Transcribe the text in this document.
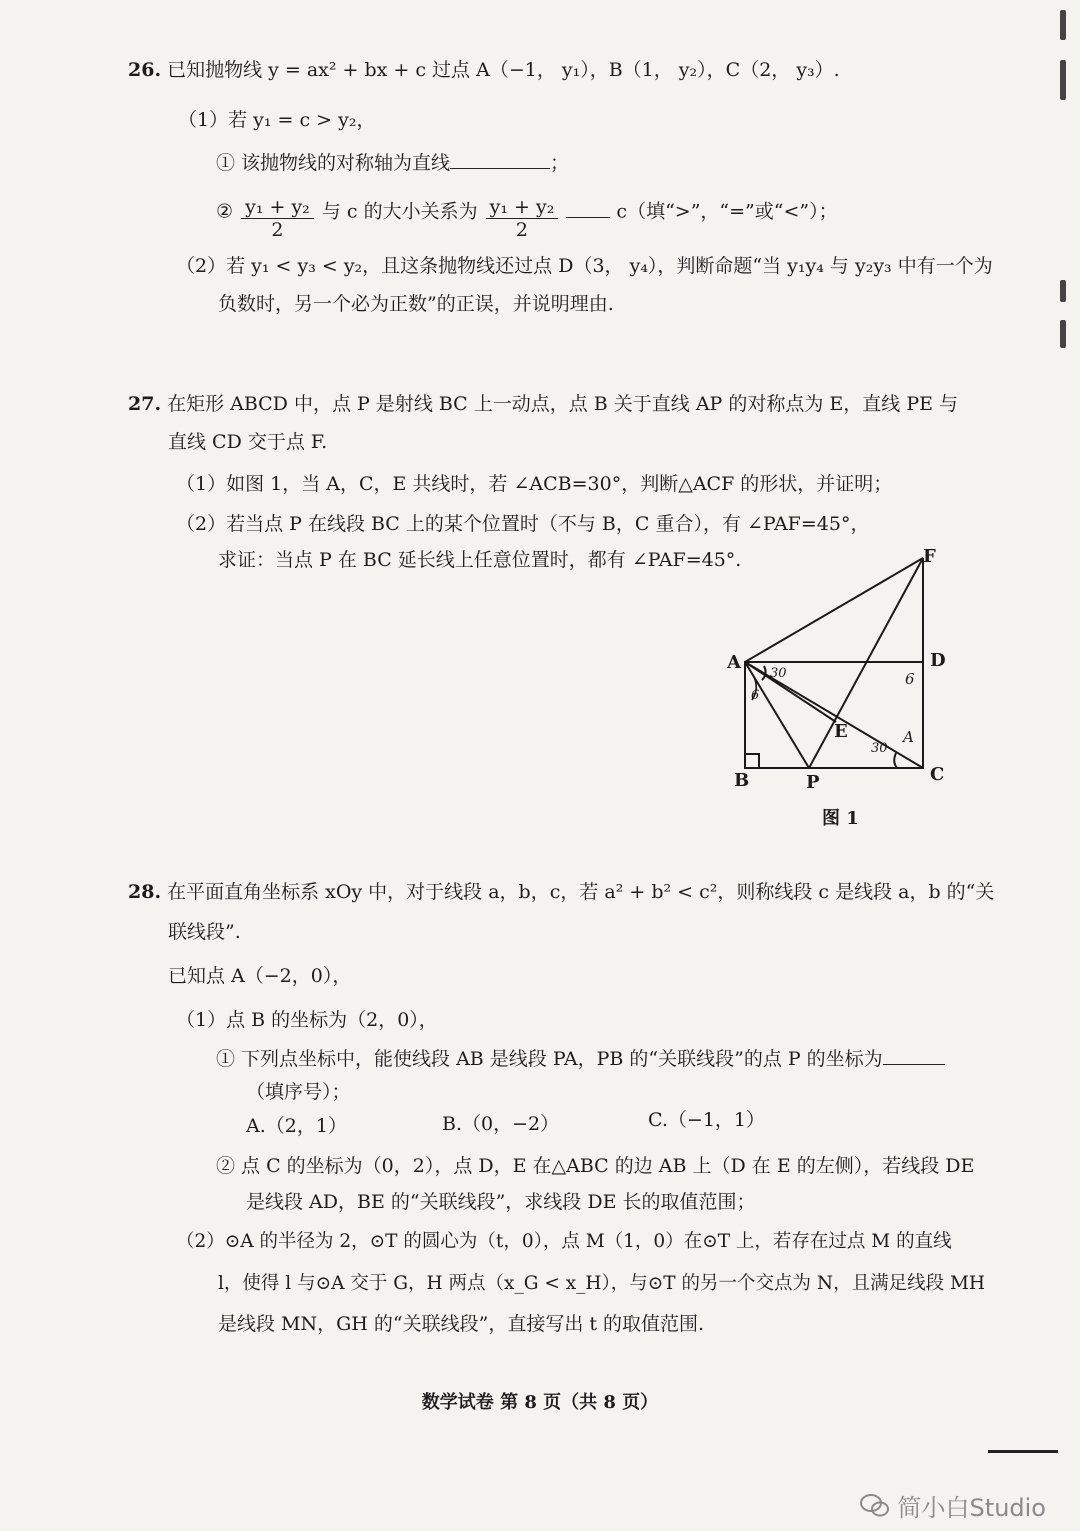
26. 已知抛物线 y = ax² + bx + c 过点 A（−1， y₁），B（1， y₂），C（2， y₃）.
（1）若 y₁ = c > y₂，
① 该抛物线的对称轴为直线	；
② $\frac{\text{y₁ + y₂}}{2}$ 与 c 的大小关系为 $\frac{\text{y₁ + y₂}}{2}$	c（填“>”，“=”或“<”）；
（2）若 y₁ < y₃ < y₂，且这条抛物线还过点 D（3， y₄），判断命题“当 y₁y₄ 与 y₂y₃ 中有一个为
负数时，另一个必为正数”的正误，并说明理由.
27. 在矩形 ABCD 中，点 P 是射线 BC 上一动点，点 B 关于直线 AP 的对称点为 E，直线 PE 与
直线 CD 交于点 F.
（1）如图 1，当 A，C，E 共线时，若 ∠ACB=30°，判断△ACF 的形状，并证明；
（2）若当点 P 在线段 BC 上的某个位置时（不与 B，C 重合），有 ∠PAF=45°，
求证：当点 P 在 BC 延长线上任意位置时，都有 ∠PAF=45°.
A	D
F
B	C
P
E
30
30
6
6
A
图 1
28. 在平面直角坐标系 xOy 中，对于线段 a，b，c，若 a² + b² < c²，则称线段 c 是线段 a，b 的“关
联线段”.
已知点 A（−2，0），
（1）点 B 的坐标为（2，0），
① 下列点坐标中，能使线段 AB 是线段 PA，PB 的“关联线段”的点 P 的坐标为
（填序号）；
A.（2，1）	B.（0，−2）	C.（−1，1）
② 点 C 的坐标为（0，2），点 D，E 在△ABC 的边 AB 上（D 在 E 的左侧），若线段 DE
是线段 AD，BE 的“关联线段”，求线段 DE 长的取值范围；
（2）⊙A 的半径为 2，⊙T 的圆心为（t，0），点 M（1，0）在⊙T 上，若存在过点 M 的直线
l，使得 l 与⊙A 交于 G，H 两点（x_G < x_H），与⊙T 的另一个交点为 N，且满足线段 MH
是线段 MN，GH 的“关联线段”，直接写出 t 的取值范围.
数学试卷 第 8 页（共 8 页）
简小白Studio
